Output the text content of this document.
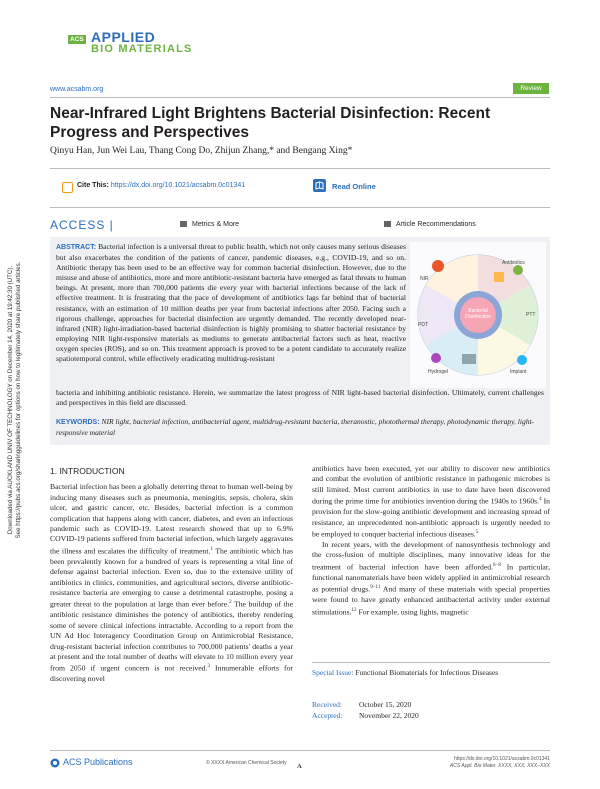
Downloaded via AUCKLAND UNIV OF TECHNOLOGY on December 14, 2020 at 19:42:30 (UTC). See https://pubs.acs.org/sharingguidelines for options on how to legitimately share published articles.
ACS APPLIED
BIO MATERIALS
www.acsabm.org	Review
Near-Infrared Light Brightens Bacterial Disinfection: Recent Progress and Perspectives
Qinyu Han, Jun Wei Lau, Thang Cong Do, Zhijun Zhang,* and Bengang Xing*
Cite This: https://dx.doi.org/10.1021/acsabm.0c01341	Read Online
ACCESS |	Metrics & More	Article Recommendations
ABSTRACT: Bacterial infection is a universal threat to public health, which not only causes many serious diseases but also exacerbates the condition of the patients of cancer, pandemic diseases, e.g., COVID-19, and so on. Antibiotic therapy has been used to be an effective way for common bacterial disinfection. However, due to the misuse and abuse of antibiotics, more and more antibiotic-resistant bacteria have emerged as fatal threats to human beings. At present, more than 700,000 patients die every year with bacterial infections because of the lack of effective treatment. It is frustrating that the pace of development of antibiotics lags far behind that of bacterial resistance, with an estimation of 10 million deaths per year from bacterial infections after 2050. Facing such a rigorous challenge, approaches for bacterial disinfection are urgently demanded. The recently developed near-infrared (NIR) light-irradiation-based bacterial disinfection is highly promising to shatter bacterial resistance by employing NIR light-responsive materials as mediums to generate antibacterial factors such as heat, reactive oxygen species (ROS), and so on. This treatment approach is proved to be a potent candidate to accurately realize spatiotemporal control, while effectively eradicating multidrug-resistant
Bacterial Disinfection
NIR
Antibiotics
PDT
PTT
Hydrogel	Implant
bacteria and inhibiting antibiotic resistance. Herein, we summarize the latest progress of NIR light-based bacterial disinfection. Ultimately, current challenges and perspectives in this field are discussed.
KEYWORDS: NIR light, bacterial infection, antibacterial agent, multidrug-resistant bacteria, theranostic, photothermal therapy, photodynamic therapy, light-responsive material
1. INTRODUCTION

Bacterial infection has been a globally deterring threat to human well-being by inducing many diseases such as pneumonia, meningitis, sepsis, cholera, skin ulcer, and gastric cancer, etc. Besides, bacterial infection is a common complication that happens along with cancer, diabetes, and even an infectious pandemic such as COVID-19. Latest research showed that up to 6.9% COVID-19 patients suffered from bacterial infection, which largely aggravates the illness and escalates the difficulty of treatment.$^1$ The antibiotic which has been prevalently known for a hundred of years is representing a vital line of defense against bacterial infection. Even so, due to the extensive utility of antibiotics in clinics, communities, and agricultural sectors, diverse antibiotic-resistance bacteria are emerging to cause a detrimental catastrophe, posing a greater threat to the population at large than ever before.$^2$ The buildup of the antibiotic resistance diminishes the potency of antibiotics, thereby rendering some of severe clinical infections intractable. According to a report from the UN Ad Hoc Interagency Coordination Group on Antimicrobial Resistance, drug-resistant bacterial infection contributes to 700,000 patients' deaths a year at present and the total number of deaths will elevate to 10 million every year from 2050 if urgent concern is not received.$^3$ Innumerable efforts for discovering novel

antibiotics have been executed, yet our ability to discover new antibiotics and combat the evolution of antibiotic resistance in pathogenic microbes is still limited. Most current antibiotics in use to date have been discovered during the prime time for antibiotics invention during the 1940s to 1960s.$^4$ In provision for the slow-going antibiotic development and increasing spread of resistance, an unprecedented non-antibiotic approach is urgently needed to be employed to conquer bacterial infectious diseases.$^5$

In recent years, with the development of nanosynthesis technology and the cross-fusion of multiple disciplines, many innovative ideas for the treatment of bacterial infection have been afforded.$^{6-8}$ In particular, functional nanomaterials have been widely applied in antimicrobial research as potential drugs.$^{9-11}$ And many of these materials with special properties were found to have greatly enhanced antibacterial activity under external stimulations.$^{12}$ For example, using lights, magnetic

Special Issue: Functional Biomaterials for Infectious Diseases
Received: October 15, 2020
Accepted: November 22, 2020
ACS Publications	© XXXX American Chemical Society A
https://dx.doi.org/10.1021/acsabm.0c01341
ACS Appl. Bio Mater. XXXX, XXX, XXX−XXX
